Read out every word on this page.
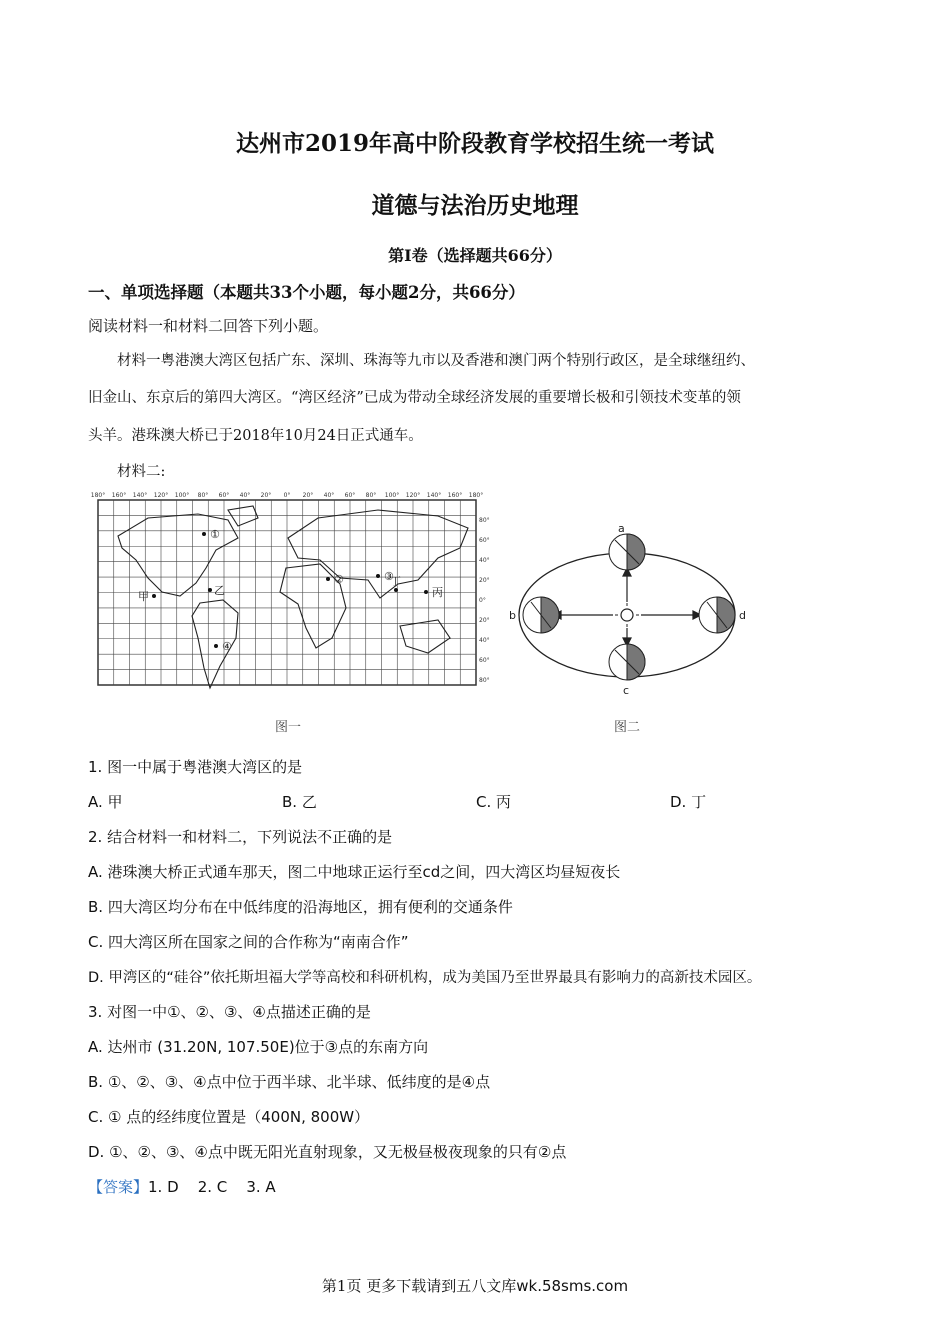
达州市2019年高中阶段教育学校招生统一考试
道德与法治历史地理
第Ⅰ卷（选择题共66分）
一、单项选择题（本题共33个小题，每小题2分，共66分）
阅读材料一和材料二回答下列小题。
材料一粤港澳大湾区包括广东、深圳、珠海等九市以及香港和澳门两个特别行政区，是全球继纽约、
旧金山、东京后的第四大湾区。“湾区经济”已成为带动全球经济发展的重要增长极和引领技术变革的领
头羊。港珠澳大桥已于2018年10月24日正式通车。
材料二:
180° 160° 140° 120° 100° 80° 60° 40° 20° 0° 20° 40° 60° 80° 100° 120° 140° 160° 180°
80°
60°
40°
20°
0°
20°
40°
60°
80°
①
②	③
④
甲	乙	丙
丁
图一
a
b
c
d
图二
1. 图一中属于粤港澳大湾区的是
A. 甲	B. 乙	C. 丙	D. 丁
2. 结合材料一和材料二，下列说法不正确的是
A. 港珠澳大桥正式通车那天，图二中地球正运行至cd之间，四大湾区均昼短夜长
B. 四大湾区均分布在中低纬度的沿海地区，拥有便利的交通条件
C. 四大湾区所在国家之间的合作称为“南南合作”
D. 甲湾区的“硅谷”依托斯坦福大学等高校和科研机构，成为美国乃至世界最具有影响力的高新技术园区。
3. 对图一中①、②、③、④点描述正确的是
A. 达州市 (31.20N, 107.50E)位于③点的东南方向
B. ①、②、③、④点中位于西半球、北半球、低纬度的是④点
C. ① 点的经纬度位置是（400N, 800W）
D. ①、②、③、④点中既无阳光直射现象，又无极昼极夜现象的只有②点
【答案】1. D    2. C    3. A
第1页 更多下载请到五八文库wk.58sms.com
